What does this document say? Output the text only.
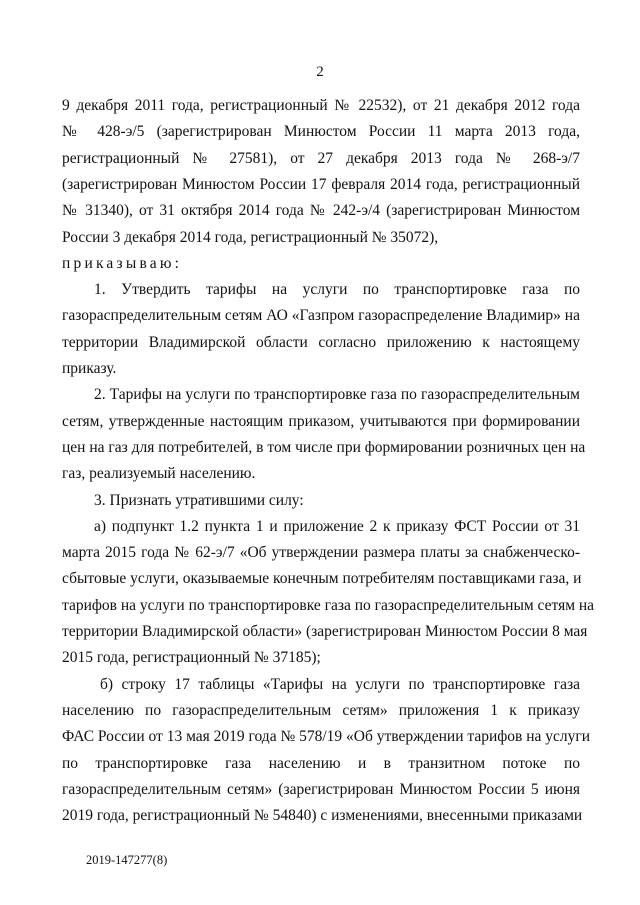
2
9 декабря 2011 года, регистрационный № 22532), от 21 декабря 2012 года
№ 428-э/5 (зарегистрирован Минюстом России 11 марта 2013 года,
регистрационный № 27581), от 27 декабря 2013 года № 268-э/7
(зарегистрирован Минюстом России 17 февраля 2014 года, регистрационный
№ 31340), от 31 октября 2014 года № 242-э/4 (зарегистрирован Минюстом
России 3 декабря 2014 года, регистрационный № 35072),
приказываю:
1. Утвердить тарифы на услуги по транспортировке газа по
газораспределительным сетям АО «Газпром газораспределение Владимир» на
территории Владимирской области согласно приложению к настоящему
приказу.
2. Тарифы на услуги по транспортировке газа по газораспределительным
сетям, утвержденные настоящим приказом, учитываются при формировании
цен на газ для потребителей, в том числе при формировании розничных цен на
газ, реализуемый населению.
3. Признать утратившими силу:
а) подпункт 1.2 пункта 1 и приложение 2 к приказу ФСТ России от 31
марта 2015 года № 62-э/7 «Об утверждении размера платы за снабженческо-
сбытовые услуги, оказываемые конечным потребителям поставщиками газа, и
тарифов на услуги по транспортировке газа по газораспределительным сетям на
территории Владимирской области» (зарегистрирован Минюстом России 8 мая
2015 года, регистрационный № 37185);
б) строку 17 таблицы «Тарифы на услуги по транспортировке газа
населению по газораспределительным сетям» приложения 1 к приказу
ФАС России от 13 мая 2019 года № 578/19 «Об утверждении тарифов на услуги
по транспортировке газа населению и в транзитном потоке по
газораспределительным сетям» (зарегистрирован Минюстом России 5 июня
2019 года, регистрационный № 54840) с изменениями, внесенными приказами
2019-147277(8)
